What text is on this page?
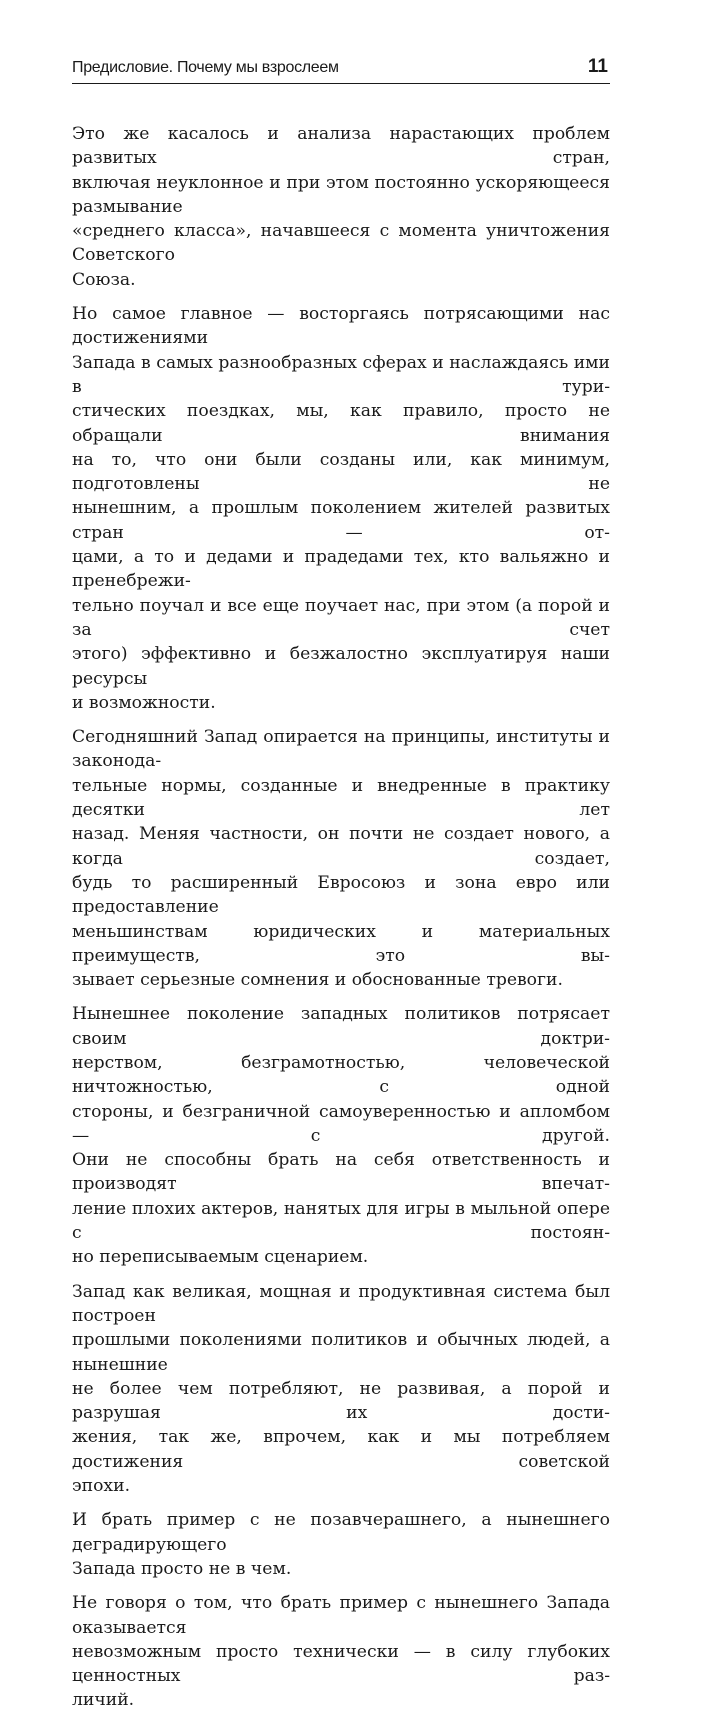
Предисловие. Почему мы взрослеем	11

Это же касалось и анализа нарастающих проблем развитых стран,
включая неуклонное и при этом постоянно ускоряющееся размывание
«среднего класса», начавшееся с момента уничтожения Советского
Союза.

Но самое главное — восторгаясь потрясающими нас достижениями
Запада в самых разнообразных сферах и наслаждаясь ими в тури-
стических поездках, мы, как правило, просто не обращали внимания
на то, что они были созданы или, как минимум, подготовлены не
нынешним, а прошлым поколением жителей развитых стран — от-
цами, а то и дедами и прадедами тех, кто вальяжно и пренебрежи-
тельно поучал и все еще поучает нас, при этом (а порой и за счет
этого) эффективно и безжалостно эксплуатируя наши ресурсы
и возможности.

Сегодняшний Запад опирается на принципы, институты и законода-
тельные нормы, созданные и внедренные в практику десятки лет
назад. Меняя частности, он почти не создает нового, а когда создает,
будь то расширенный Евросоюз и зона евро или предоставление
меньшинствам юридических и материальных преимуществ, это вы-
зывает серьезные сомнения и обоснованные тревоги.

Нынешнее поколение западных политиков потрясает своим доктри-
нерством, безграмотностью, человеческой ничтожностью, с одной
стороны, и безграничной самоуверенностью и апломбом — с другой.
Они не способны брать на себя ответственность и производят впечат-
ление плохих актеров, нанятых для игры в мыльной опере с постоян-
но переписываемым сценарием.

Запад как великая, мощная и продуктивная система был построен
прошлыми поколениями политиков и обычных людей, а нынешние
не более чем потребляют, не развивая, а порой и разрушая их дости-
жения, так же, впрочем, как и мы потребляем достижения советской
эпохи.

И брать пример с не позавчерашнего, а нынешнего деградирующего
Запада просто не в чем.

Не говоря о том, что брать пример с нынешнего Запада оказывается
невозможным просто технически — в силу глубоких ценностных раз-
личий.
